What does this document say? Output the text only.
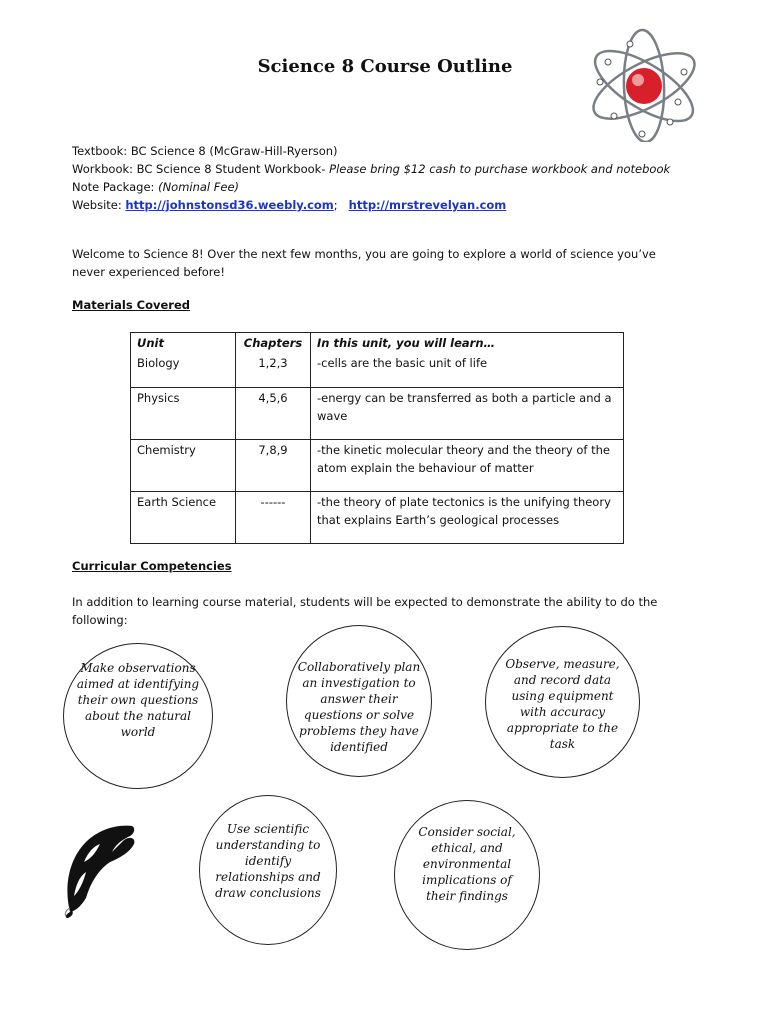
Science 8 Course Outline
Textbook: BC Science 8 (McGraw-Hill-Ryerson)
Workbook: BC Science 8 Student Workbook- Please bring $12 cash to purchase workbook and notebook
Note Package: (Nominal Fee)
Website: http://johnstonsd36.weebly.com;   http://mrstrevelyan.com
Welcome to Science 8! Over the next few months, you are going to explore a world of science you’ve never experienced before!
Materials Covered
Unit	Chapters	In this unit, you will learn…
Biology	1,2,3	-cells are the basic unit of life
Physics	4,5,6	-energy can be transferred as both a particle and a wave
Chemistry	7,8,9	-the kinetic molecular theory and the theory of the atom explain the behaviour of matter
Earth Science	------	-the theory of plate tectonics is the unifying theory that explains Earth’s geological processes
Curricular Competencies
In addition to learning course material, students will be expected to demonstrate the ability to do the following:
Make observations
aimed at identifying
their own questions
about the natural
world
Collaboratively plan
an investigation to
answer their
questions or solve
problems they have
identified
Observe, measure,
and record data
using equipment
with accuracy
appropriate to the
task
Use scientific
understanding to
identify
relationships and
draw conclusions
Consider social,
ethical, and
environmental
implications of
their findings
